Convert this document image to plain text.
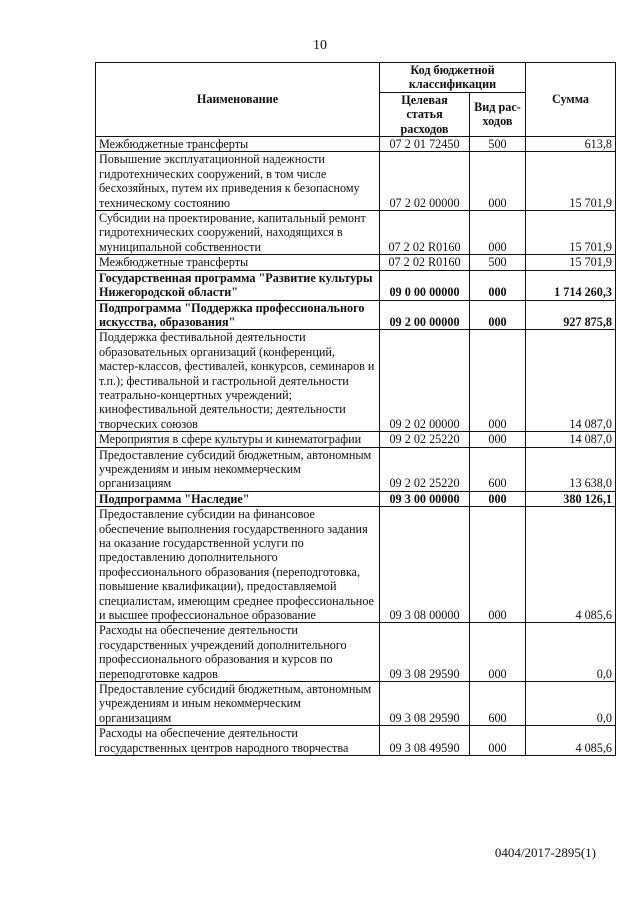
10
Наименование	Код бюджетной классификации		Сумма
	Целевая статья расходов	Вид рас-ходов	
Межбюджетные трансферты	07 2 01 72450	500	613,8
Повышение эксплуатационной надежности гидротехнических сооружений, в том числе бесхозяйных, путем их приведения к безопасному техническому состоянию	07 2 02 00000	000	15 701,9
Субсидии на проектирование, капитальный ремонт гидротехнических сооружений, находящихся в муниципальной собственности	07 2 02 R0160	000	15 701,9
Межбюджетные трансферты	07 2 02 R0160	500	15 701,9
Государственная программа "Развитие культуры Нижегородской области"	09 0 00 00000	000	1 714 260,3
Подпрограмма "Поддержка профессионального искусства, образования"	09 2 00 00000	000	927 875,8
Поддержка фестивальной деятельности образовательных организаций (конференций, мастер-классов, фестивалей, конкурсов, семинаров и т.п.); фестивальной и гастрольной деятельности театрально-концертных учреждений; кинофестивальной деятельности; деятельности творческих союзов	09 2 02 00000	000	14 087,0
Мероприятия в сфере культуры и кинематографии	09 2 02 25220	000	14 087,0
Предоставление субсидий бюджетным, автономным учреждениям и иным некоммерческим организациям	09 2 02 25220	600	13 638,0
Подпрограмма "Наследие"	09 3 00 00000	000	380 126,1
Предоставление субсидии на финансовое обеспечение выполнения государственного задания на оказание государственной услуги по предоставлению дополнительного профессионального образования (переподготовка, повышение квалификации), предоставляемой специалистам, имеющим среднее профессиональное и высшее профессиональное образование	09 3 08 00000	000	4 085,6
Расходы на обеспечение деятельности государственных учреждений дополнительного профессионального образования и курсов по переподготовке кадров	09 3 08 29590	000	0,0
Предоставление субсидий бюджетным, автономным учреждениям и иным некоммерческим организациям	09 3 08 29590	600	0,0
Расходы на обеспечение деятельности государственных центров народного творчества	09 3 08 49590	000	4 085,6
0404/2017-2895(1)
